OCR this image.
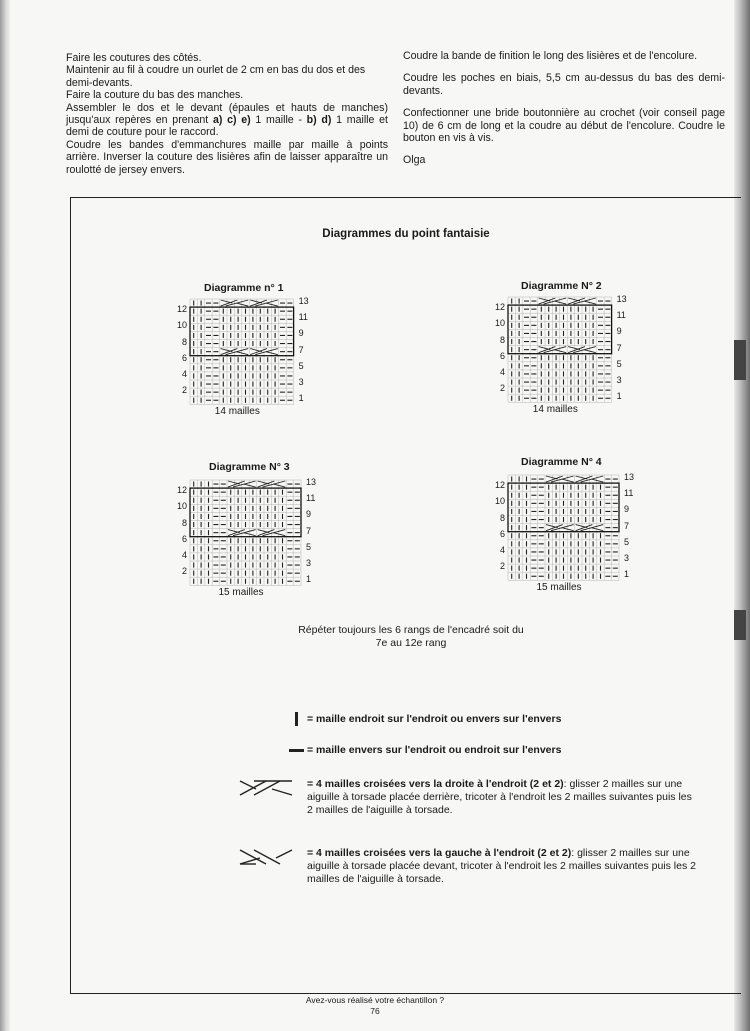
Faire les coutures des côtés.

Maintenir au fil à coudre un ourlet de 2 cm en bas du dos et des demi-devants.

Faire la couture du bas des manches.

Assembler le dos et le devant (épaules et hauts de manches) jusqu'aux repères en prenant a) c) e) 1 maille - b) d) 1 maille et demi de couture pour le raccord.

Coudre les bandes d'emmanchures maille par maille à points arrière. Inverser la couture des lisières afin de laisser apparaître un roulotté de jersey envers.

Coudre la bande de finition le long des lisières et de l'encolure.

Coudre les poches en biais, 5,5 cm au-dessus du bas des demi-devants.

Confectionner une bride boutonnière au crochet (voir conseil page 10) de 6 cm de long et la coudre au début de l'encolure. Coudre le bouton en vis à vis.

Olga

Diagrammes du point fantaisie
Diagramme n° 1	Diagramme N° 2
Diagramme N° 3	Diagramme N° 4
14 mailles	14 mailles
15 mailles	15 mailles
Répéter toujours les 6 rangs de l'encadré soit du
7e au 12e rang
= maille endroit sur l'endroit ou envers sur l'envers
= maille envers sur l'endroit ou endroit sur l'envers
= 4 mailles croisées vers la droite à l'endroit (2 et 2): glisser 2 mailles sur une aiguille à torsade placée derrière, tricoter à l'endroit les 2 mailles suivantes puis les 2 mailles de l'aiguille à torsade.
= 4 mailles croisées vers la gauche à l'endroit (2 et 2): glisser 2 mailles sur une aiguille à torsade placée devant, tricoter à l'endroit les 2 mailles suivantes puis les 2 mailles de l'aiguille à torsade.
12
10
8
6
4
2
13
11
9
7
5
3
1
12
10
8
6
4
2
13
11
9
7
5
3
1
12
10
8
6
4
2
13
11
9
7
5
3
1
12
10
8
6
4
2
13
11
9
7
5
3
1
Avez-vous réalisé votre échantillon ?
76
